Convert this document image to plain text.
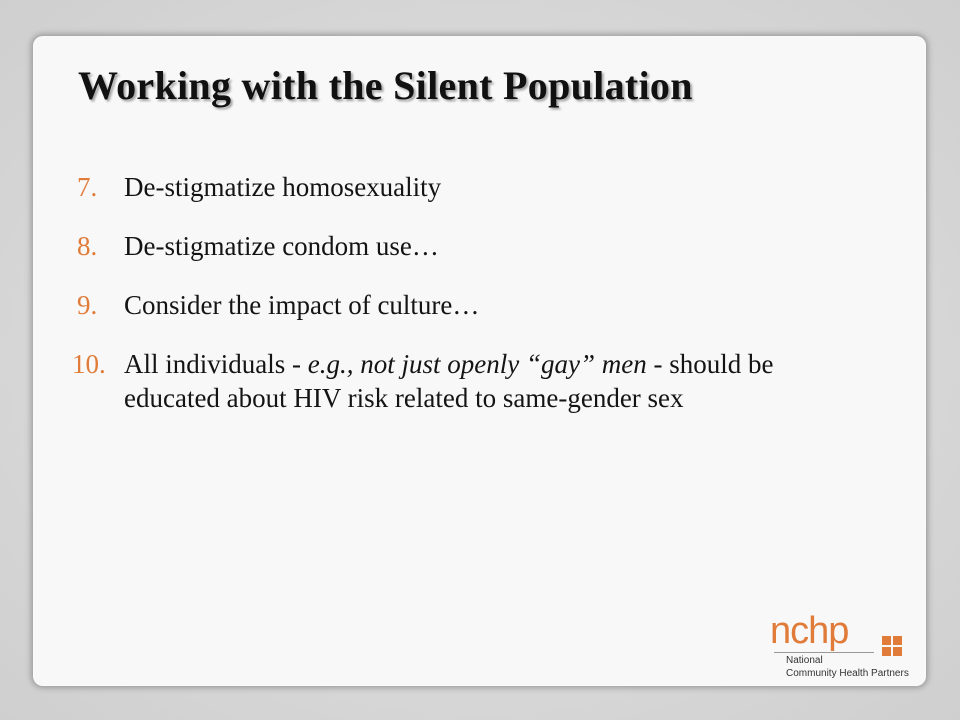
Working with the Silent Population
7. De-stigmatize homosexuality
8. De-stigmatize condom use…
9. Consider the impact of culture…
10. All individuals - e.g., not just openly “gay” men - should be educated about HIV risk related to same-gender sex
nchp
National
Community Health Partners
